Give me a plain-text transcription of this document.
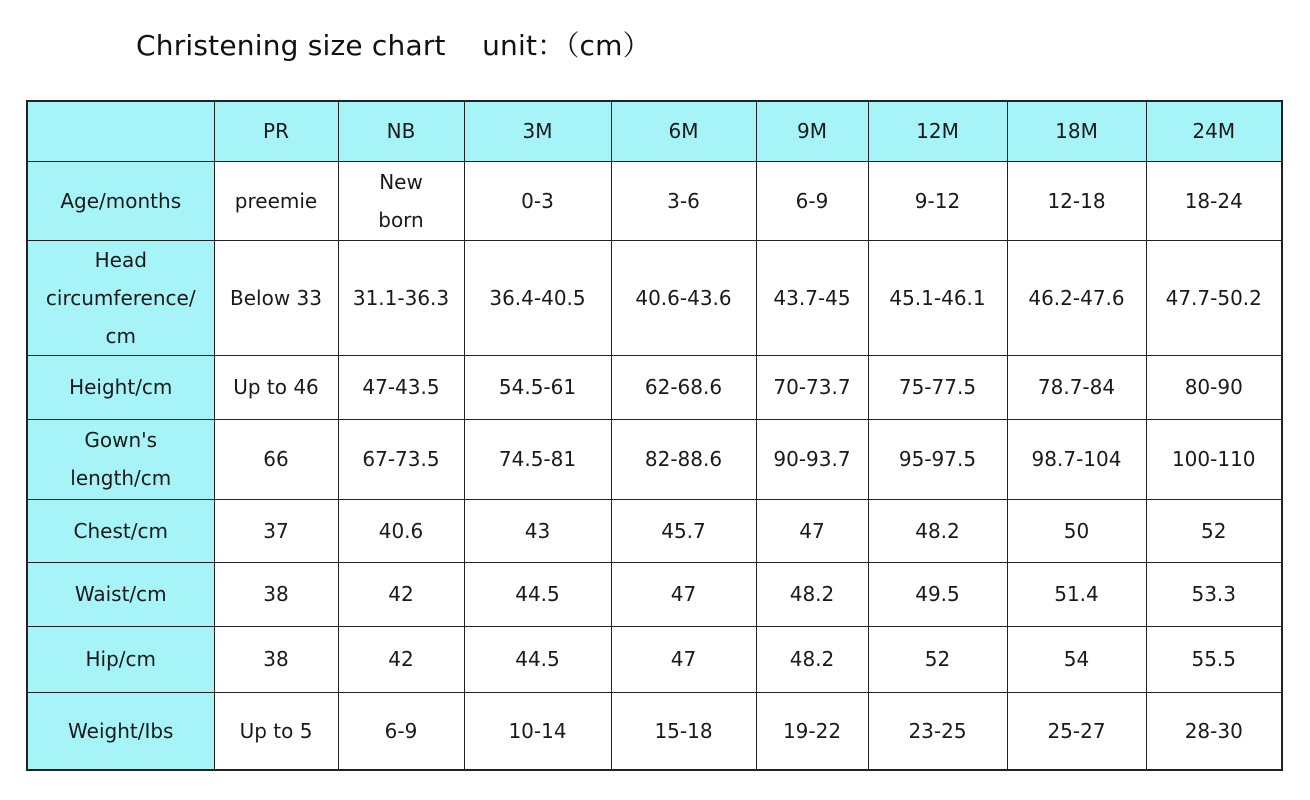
Christening size chart    unit：（cm）
	PR	NB	3M	6M	9M	12M	18M	24M
Age/months	preemie	New
born	0-3	3-6	6-9	9-12	12-18	18-24
Head
circumference/
cm	Below 33	31.1-36.3	36.4-40.5	40.6-43.6	43.7-45	45.1-46.1	46.2-47.6	47.7-50.2
Height/cm	Up to 46	47-43.5	54.5-61	62-68.6	70-73.7	75-77.5	78.7-84	80-90
Gown's
length/cm	66	67-73.5	74.5-81	82-88.6	90-93.7	95-97.5	98.7-104	100-110
Chest/cm	37	40.6	43	45.7	47	48.2	50	52
Waist/cm	38	42	44.5	47	48.2	49.5	51.4	53.3
Hip/cm	38	42	44.5	47	48.2	52	54	55.5
Weight/Ibs	Up to 5	6-9	10-14	15-18	19-22	23-25	25-27	28-30
